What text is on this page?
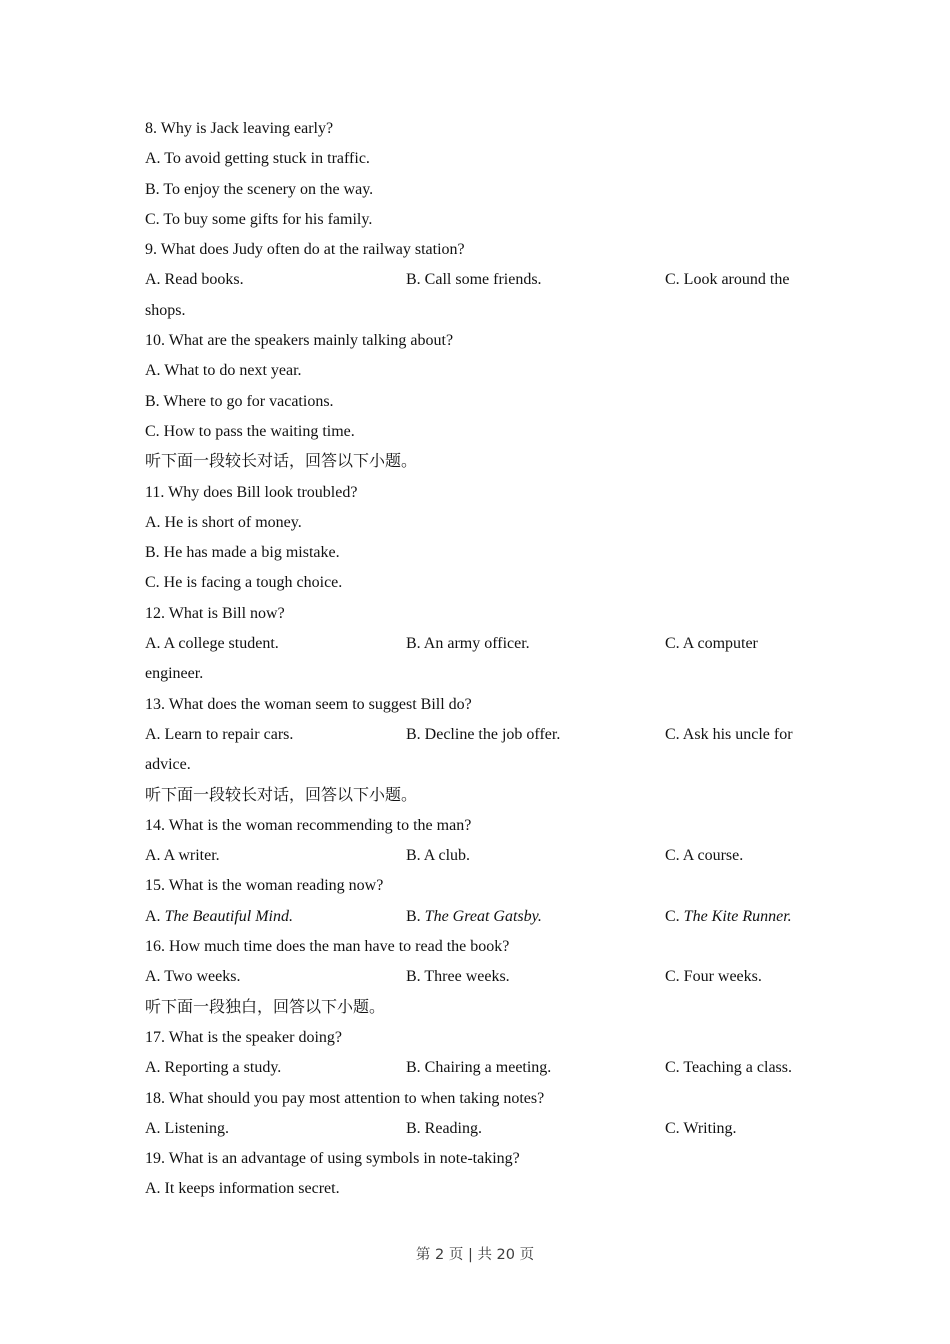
8. Why is Jack leaving early?
A. To avoid getting stuck in traffic.
B. To enjoy the scenery on the way.
C. To buy some gifts for his family.
9. What does Judy often do at the railway station?
A. Read books.	B. Call some friends.	C. Look around the
shops.
10. What are the speakers mainly talking about?
A. What to do next year.
B. Where to go for vacations.
C. How to pass the waiting time.
听下面一段较长对话，回答以下小题。
11. Why does Bill look troubled?
A. He is short of money.
B. He has made a big mistake.
C. He is facing a tough choice.
12. What is Bill now?
A. A college student.	B. An army officer.	C. A computer
engineer.
13. What does the woman seem to suggest Bill do?
A. Learn to repair cars.	B. Decline the job offer.	C. Ask his uncle for
advice.
听下面一段较长对话，回答以下小题。
14. What is the woman recommending to the man?
A. A writer.	B. A club.	C. A course.
15. What is the woman reading now?
A. The Beautiful Mind.	B. The Great Gatsby.	C. The Kite Runner.
16. How much time does the man have to read the book?
A. Two weeks.	B. Three weeks.	C. Four weeks.
听下面一段独白，回答以下小题。
17. What is the speaker doing?
A. Reporting a study.	B. Chairing a meeting.	C. Teaching a class.
18. What should you pay most attention to when taking notes?
A. Listening.	B. Reading.	C. Writing.
19. What is an advantage of using symbols in note-taking?
A. It keeps information secret.
第 2 页 | 共 20 页
